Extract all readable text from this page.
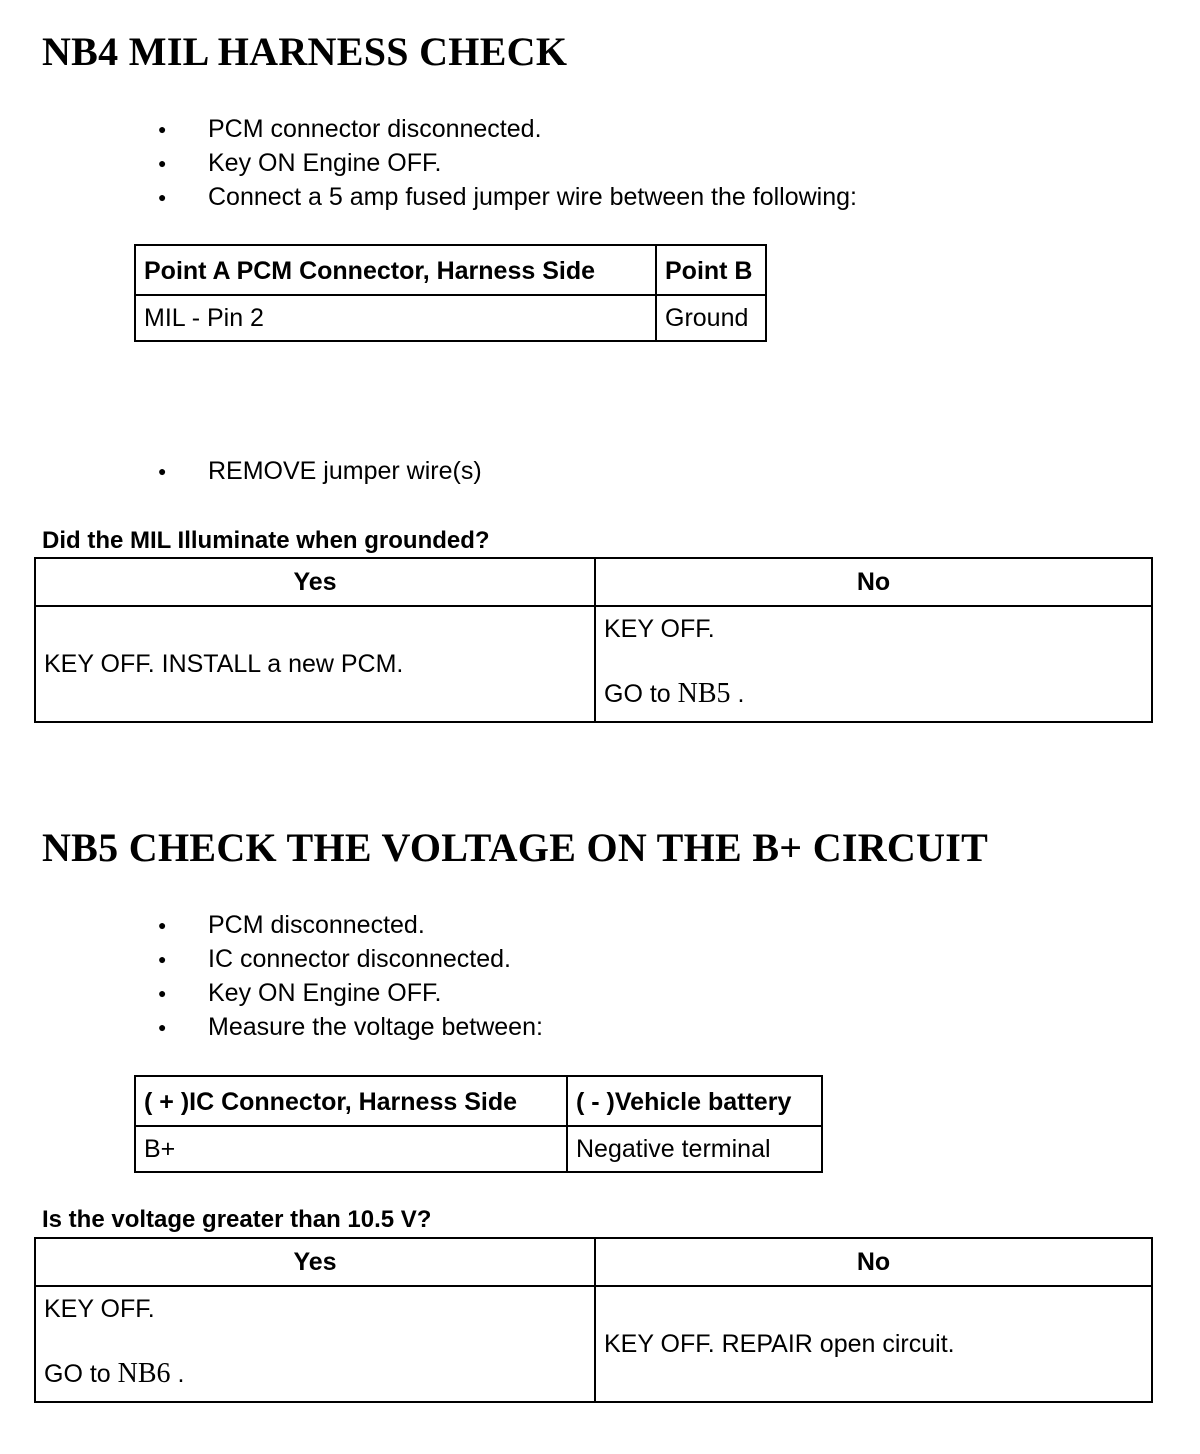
NB4 MIL HARNESS CHECK
● PCM connector disconnected.
● Key ON Engine OFF.
● Connect a 5 amp fused jumper wire between the following:
Point A PCM Connector, Harness Side	Point B
MIL - Pin 2	Ground
● REMOVE jumper wire(s)

Did the MIL Illuminate when grounded?

Yes	No
KEY OFF. INSTALL a new PCM.	KEY OFF.

GO to NB5 .

NB5 CHECK THE VOLTAGE ON THE B+ CIRCUIT
● PCM disconnected.
● IC connector disconnected.
● Key ON Engine OFF.
● Measure the voltage between:
( + )IC Connector, Harness Side	( - )Vehicle battery
B+	Negative terminal

Is the voltage greater than 10.5 V?

Yes	No

KEY OFF.

GO to NB6 .	KEY OFF. REPAIR open circuit.
